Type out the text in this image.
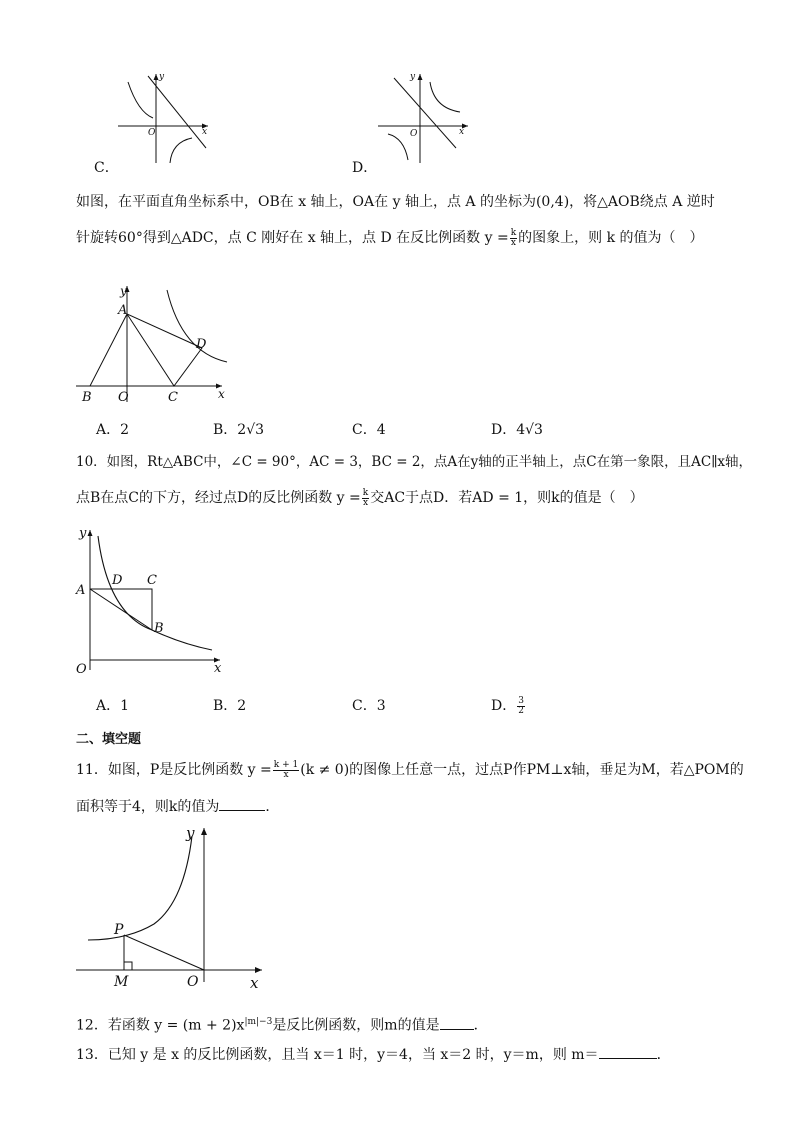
y
x
O
C．
y
x
O
D．
如图，在平面直角坐标系中，OB在 x 轴上，OA在 y 轴上，点 A 的坐标为(0,4)，将△AOB绕点 A 逆时
针旋转60°得到△ADC，点 C 刚好在 x 轴上，点 D 在反比例函数 $y = \frac{k}{x}$ 的图象上，则 k 的值为（　）
y
x
A
B O	C
D
A．2	B．2√3	C．4	D．4√3
10．如图，Rt△ABC中，∠C = 90°，AC = 3，BC = 2，点A在y轴的正半轴上，点C在第一象限，且AC∥x轴，
点B在点C的下方，经过点D的反比例函数 $y = \frac{k}{x}$ 交AC于点D．若AD = 1，则k的值是（　）
y
x
A
D C
B
O
A．1	B．2	C．3	D． $\frac{3}{2}$
二、填空题
11．如图，P是反比例函数 $y = \frac{k + 1}{x} (k \ne 0)$的图像上任意一点，过点P作PM⊥x轴，垂足为M，若△POM的
面积等于4，则k的值为	．
y
x
P
M	O
12．若函数 $y = (m + 2)x^{|m|-3}$是反比例函数，则m的值是 ．
13．已知 y 是 x 的反比例函数，且当 x＝1 时，y＝4，当 x＝2 时，y＝m，则 m＝	．
